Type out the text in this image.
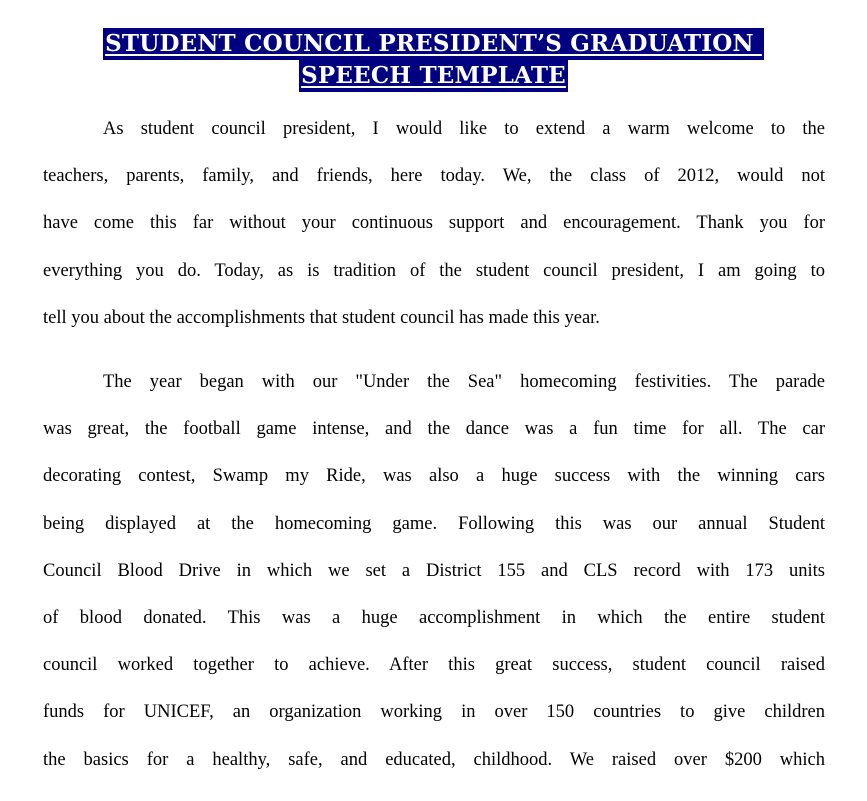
STUDENT COUNCIL PRESIDENT’S GRADUATION
SPEECH TEMPLATE
As student council president, I would like to extend a warm welcome to the
teachers, parents, family, and friends, here today. We, the class of 2012, would not
have come this far without your continuous support and encouragement. Thank you for
everything you do. Today, as is tradition of the student council president, I am going to
tell you about the accomplishments that student council has made this year.
The year began with our "Under the Sea" homecoming festivities. The parade
was great, the football game intense, and the dance was a fun time for all. The car
decorating contest, Swamp my Ride, was also a huge success with the winning cars
being displayed at the homecoming game. Following this was our annual Student
Council Blood Drive in which we set a District 155 and CLS record with 173 units
of blood donated. This was a huge accomplishment in which the entire student
council worked together to achieve. After this great success, student council raised
funds for UNICEF, an organization working in over 150 countries to give children
the basics for a healthy, safe, and educated, childhood. We raised over $200 which
